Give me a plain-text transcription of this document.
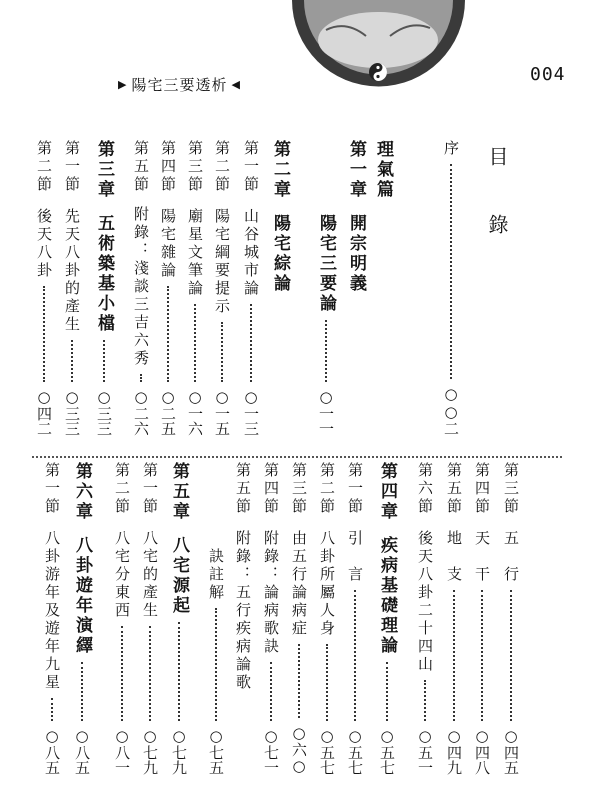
▶ 陽宅三要透析 ◀	004
目　錄
序
○○二
理氣篇
第一章
開宗明義
陽宅三要論
○一一
第二章
陽宅綜論
第一節
山谷城市論
○一三
第二節
陽宅綱要提示
○一五
第三節
廟星文筆論
○一六
第四節
陽宅雜論
○二五
第五節
附錄：淺談三吉六秀
○二六
第三章
五術築基小檔
○三三
第一節
先天八卦的產生
○三三
第二節
後天八卦
○四二
第三節
五　行
○四五
第四節
天　干
○四八
第五節
地　支
○四九
第六節
後天八卦二十四山
○五一
第四章
疾病基礎理論
○五七
第一節
引　言
○五七
第二節
八卦所屬人身
○五七
第三節
由五行論病症
○六○
第四節
附錄：論病歌訣
○七一
第五節
附錄：五行疾病論歌
訣註解
○七五
第五章
八宅源起
○七九
第一節
八宅的產生
○七九
第二節
八宅分東西
○八一
第六章
八卦遊年演繹
○八五
第一節
八卦游年及遊年九星
○八五
